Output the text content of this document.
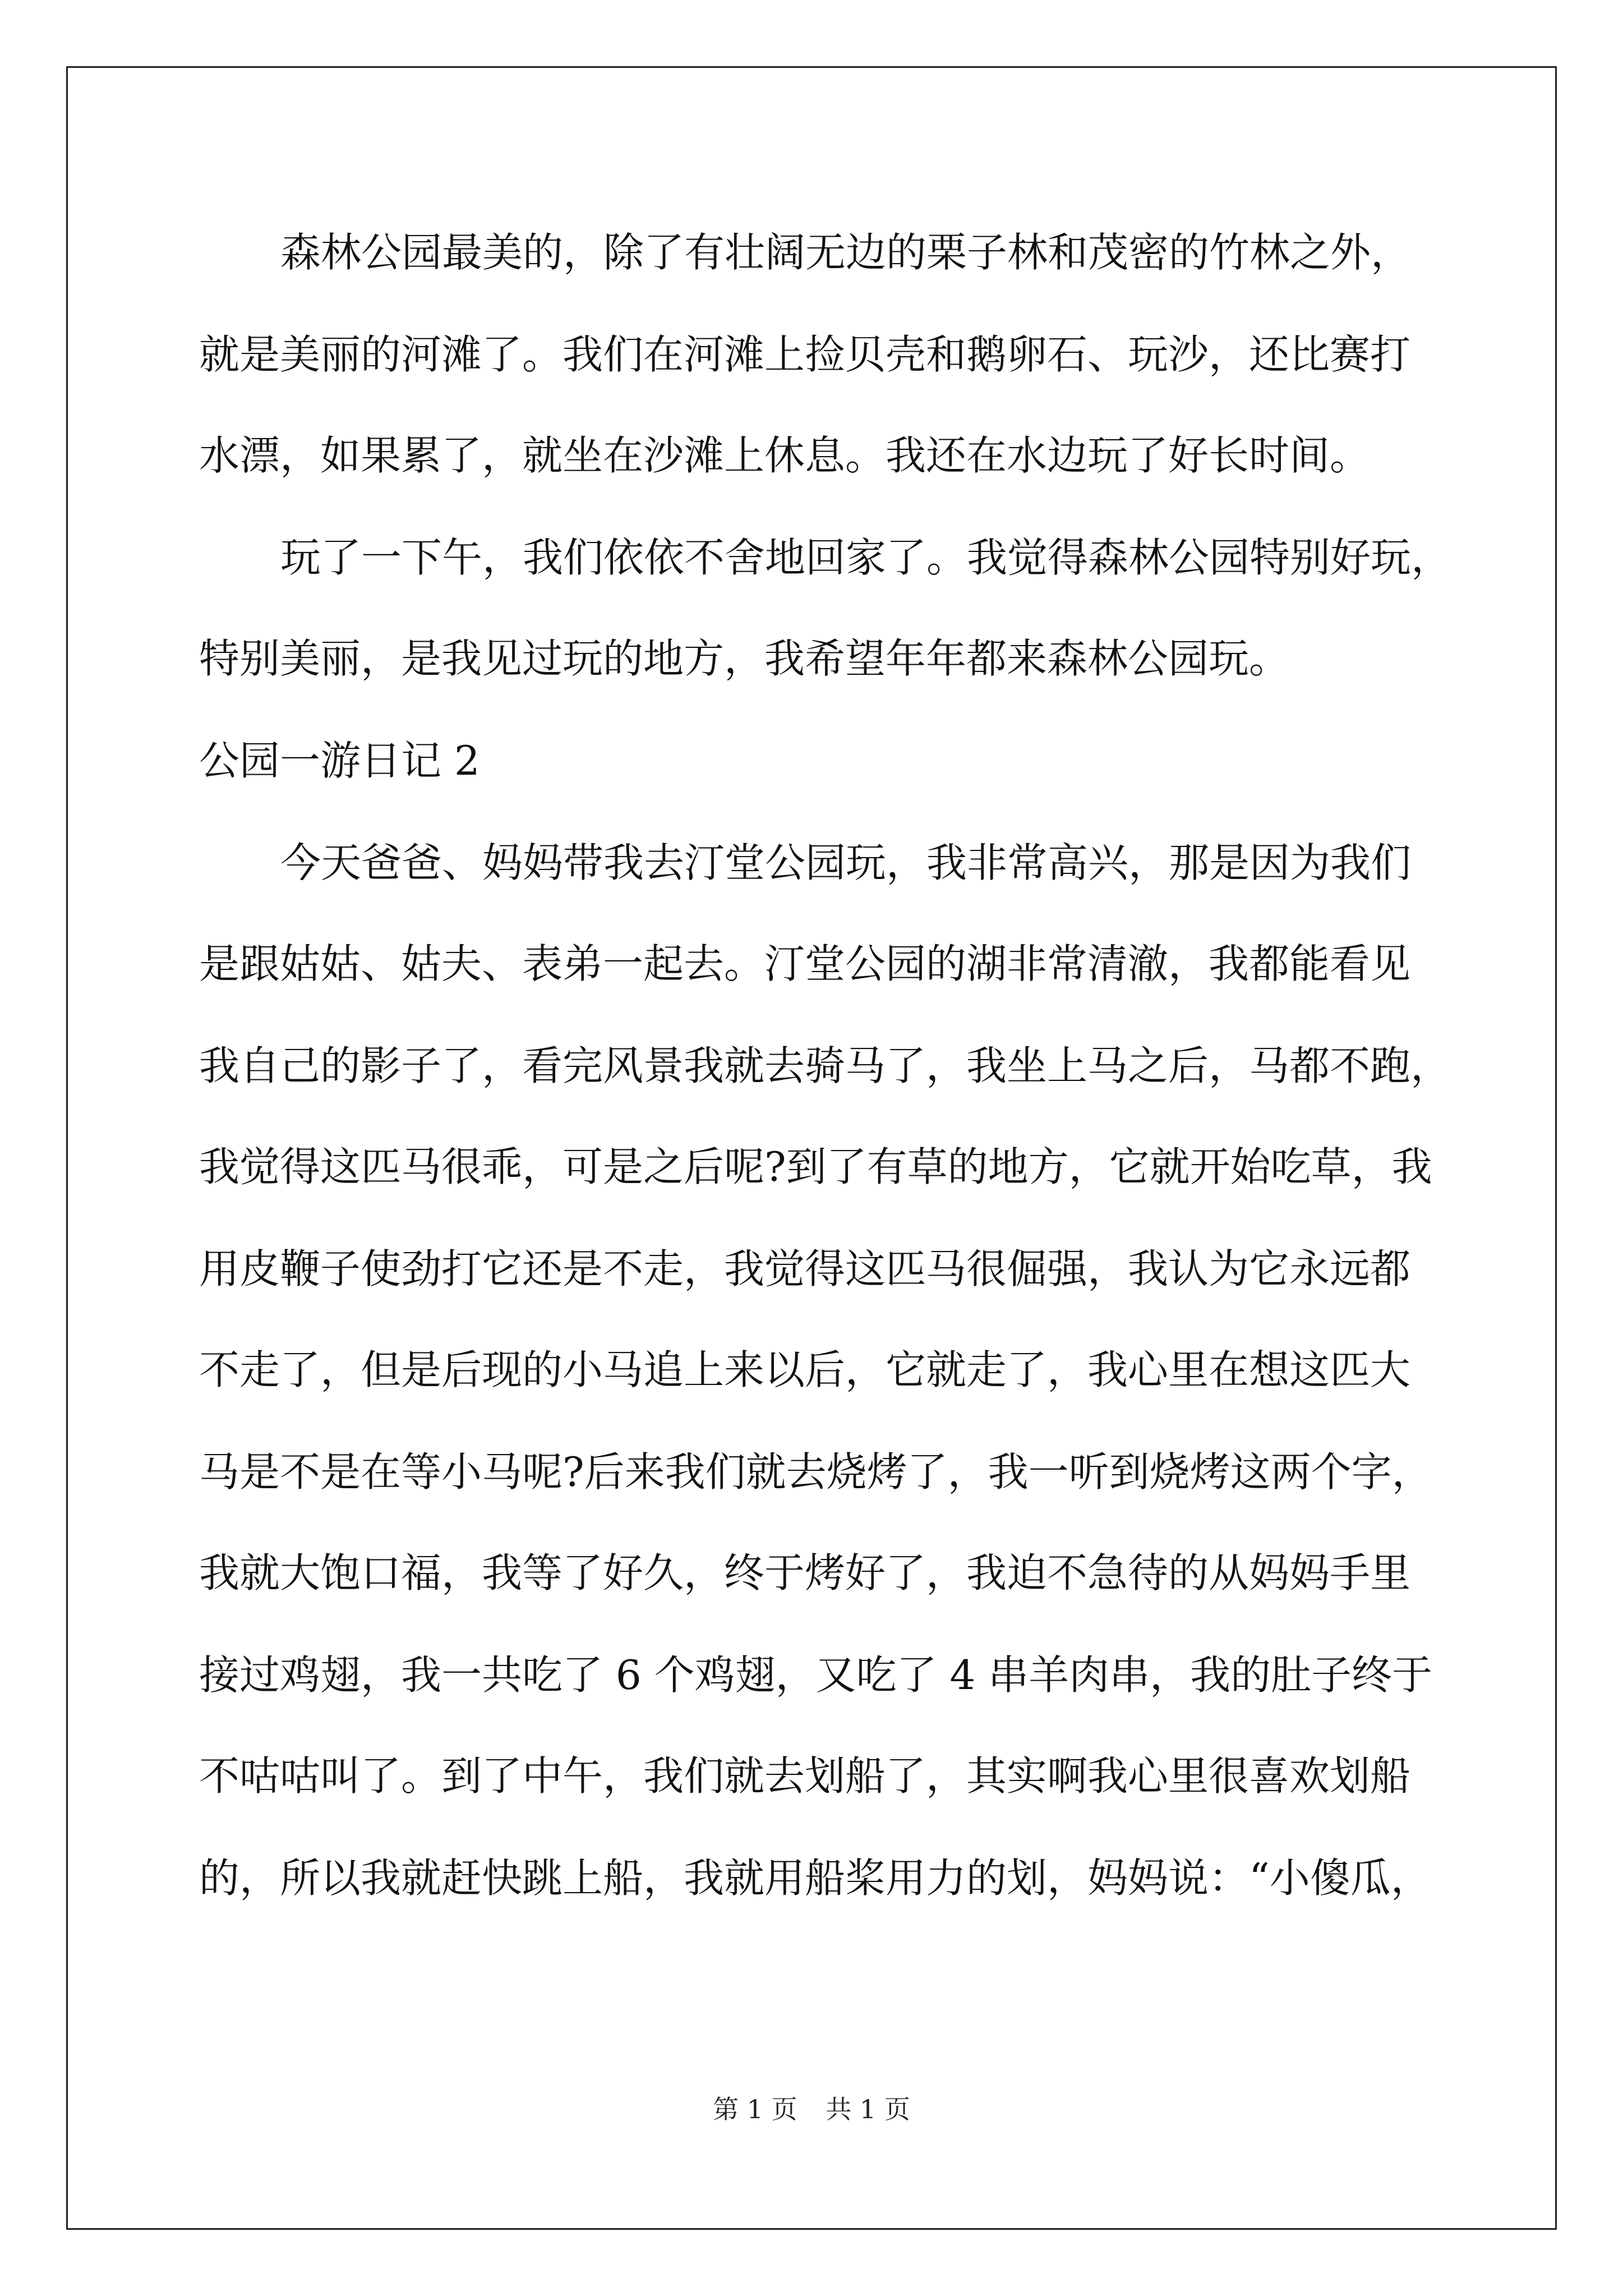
森林公园最美的，除了有壮阔无边的栗子林和茂密的竹林之外，
就是美丽的河滩了。我们在河滩上捡贝壳和鹅卵石、玩沙，还比赛打
水漂，如果累了，就坐在沙滩上休息。我还在水边玩了好长时间。
玩了一下午，我们依依不舍地回家了。我觉得森林公园特别好玩，
特别美丽，是我见过玩的地方，我希望年年都来森林公园玩。
公园一游日记 2
今天爸爸、妈妈带我去汀堂公园玩，我非常高兴，那是因为我们
是跟姑姑、姑夫、表弟一起去。汀堂公园的湖非常清澈，我都能看见
我自己的影子了，看完风景我就去骑马了，我坐上马之后，马都不跑，
我觉得这匹马很乖，可是之后呢?到了有草的地方，它就开始吃草，我
用皮鞭子使劲打它还是不走，我觉得这匹马很倔强，我认为它永远都
不走了，但是后现的小马追上来以后，它就走了，我心里在想这匹大
马是不是在等小马呢?后来我们就去烧烤了，我一听到烧烤这两个字，
我就大饱口福，我等了好久，终于烤好了，我迫不急待的从妈妈手里
接过鸡翅，我一共吃了 6 个鸡翅，又吃了 4 串羊肉串，我的肚子终于
不咕咕叫了。到了中午，我们就去划船了，其实啊我心里很喜欢划船
的，所以我就赶快跳上船，我就用船桨用力的划，妈妈说：“小傻瓜，
第 1 页 共 1 页
